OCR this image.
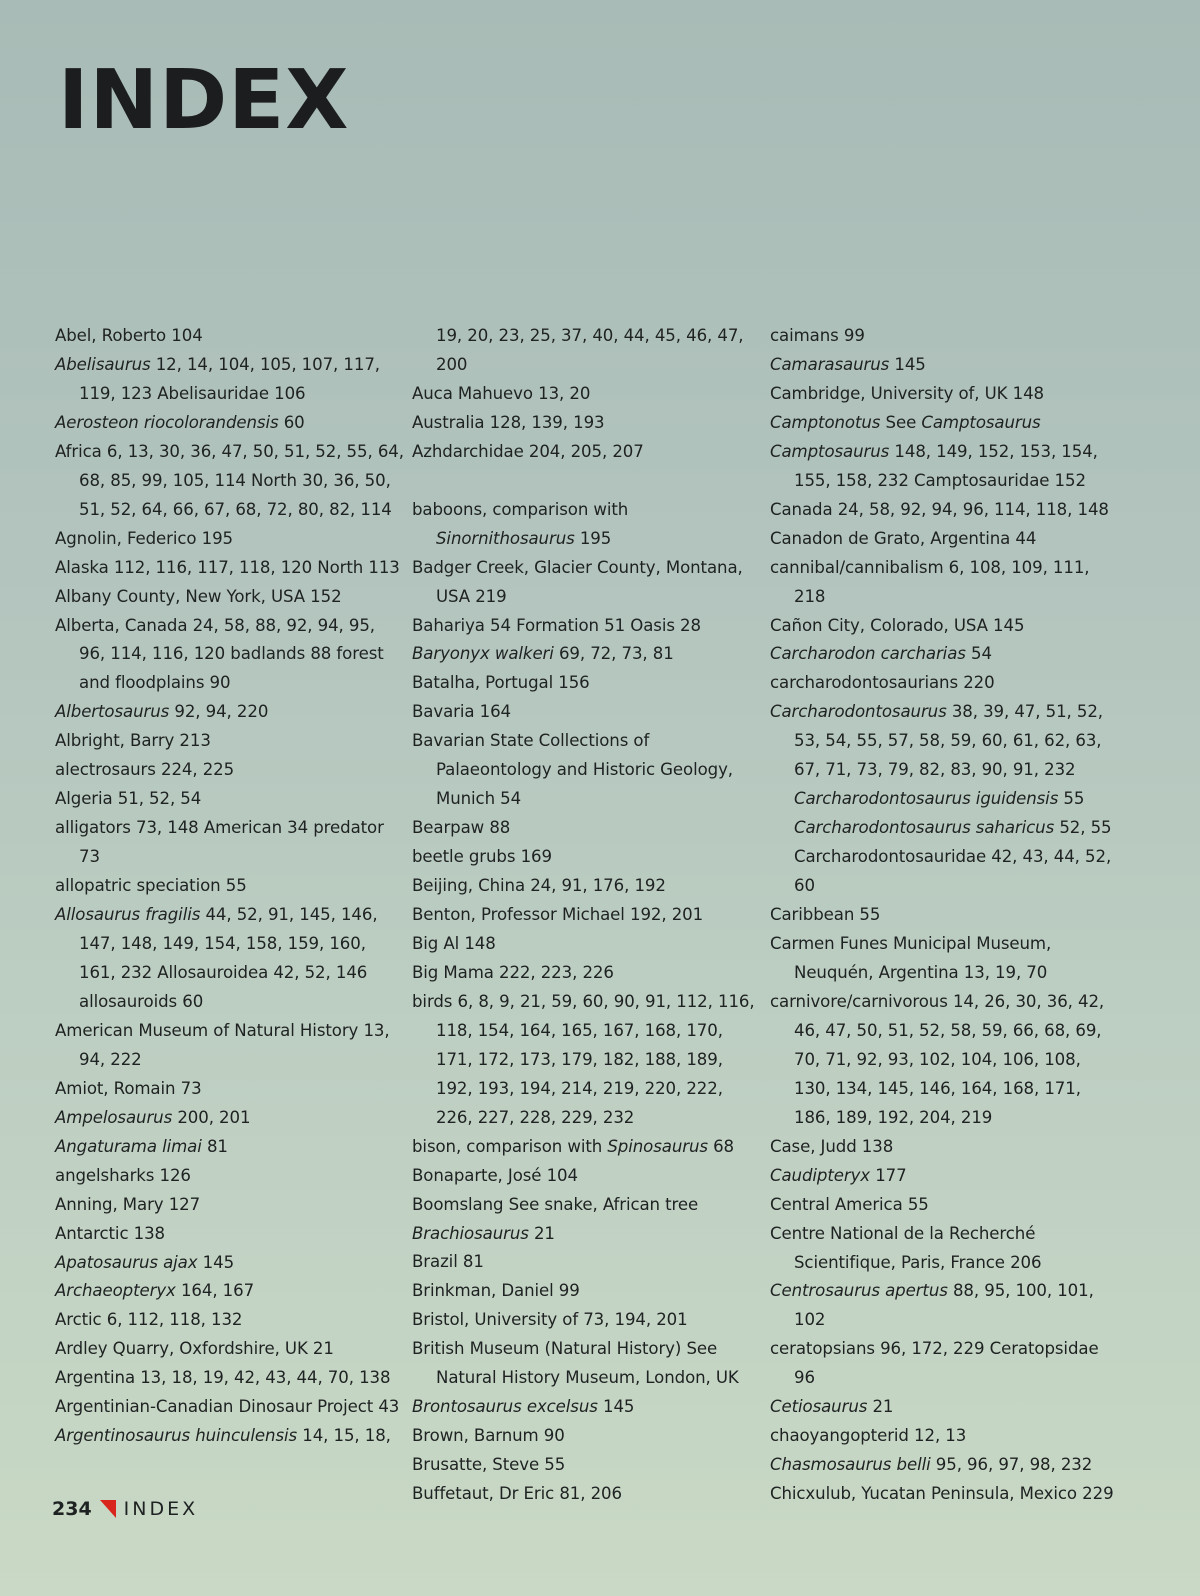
INDEX
Abel, Roberto 104
Abelisaurus 12, 14, 104, 105, 107, 117, 119, 123 Abelisauridae 106
Aerosteon riocolorandensis 60
Africa 6, 13, 30, 36, 47, 50, 51, 52, 55, 64, 68, 85, 99, 105, 114 North 30, 36, 50, 51, 52, 64, 66, 67, 68, 72, 80, 82, 114
Agnolin, Federico 195
Alaska 112, 116, 117, 118, 120 North 113
Albany County, New York, USA 152
Alberta, Canada 24, 58, 88, 92, 94, 95, 96, 114, 116, 120 badlands 88 forest and floodplains 90
Albertosaurus 92, 94, 220
Albright, Barry 213
alectrosaurs 224, 225
Algeria 51, 52, 54
alligators 73, 148 American 34 predator 73
allopatric speciation 55
Allosaurus fragilis 44, 52, 91, 145, 146, 147, 148, 149, 154, 158, 159, 160, 161, 232 Allosauroidea 42, 52, 146 allosauroids 60
American Museum of Natural History 13, 94, 222
Amiot, Romain 73
Ampelosaurus 200, 201
Angaturama limai 81
angelsharks 126
Anning, Mary 127
Antarctic 138
Apatosaurus ajax 145
Archaeopteryx 164, 167
Arctic 6, 112, 118, 132
Ardley Quarry, Oxfordshire, UK 21
Argentina 13, 18, 19, 42, 43, 44, 70, 138
Argentinian-Canadian Dinosaur Project 43
Argentinosaurus huinculensis 14, 15, 18,
19, 20, 23, 25, 37, 40, 44, 45, 46, 47, 200
Auca Mahuevo 13, 20
Australia 128, 139, 193
Azhdarchidae 204, 205, 207
baboons, comparison with Sinornithosaurus 195
Badger Creek, Glacier County, Montana, USA 219
Bahariya 54 Formation 51 Oasis 28
Baryonyx walkeri 69, 72, 73, 81
Batalha, Portugal 156
Bavaria 164
Bavarian State Collections of Palaeontology and Historic Geology, Munich 54
Bearpaw 88
beetle grubs 169
Beijing, China 24, 91, 176, 192
Benton, Professor Michael 192, 201
Big Al 148
Big Mama 222, 223, 226
birds 6, 8, 9, 21, 59, 60, 90, 91, 112, 116, 118, 154, 164, 165, 167, 168, 170, 171, 172, 173, 179, 182, 188, 189, 192, 193, 194, 214, 219, 220, 222, 226, 227, 228, 229, 232
bison, comparison with Spinosaurus 68
Bonaparte, José 104
Boomslang See snake, African tree
Brachiosaurus 21
Brazil 81
Brinkman, Daniel 99
Bristol, University of 73, 194, 201
British Museum (Natural History) See Natural History Museum, London, UK
Brontosaurus excelsus 145
Brown, Barnum 90
Brusatte, Steve 55
Buffetaut, Dr Eric 81, 206
caimans 99
Camarasaurus 145
Cambridge, University of, UK 148
Camptonotus See Camptosaurus
Camptosaurus 148, 149, 152, 153, 154, 155, 158, 232 Camptosauridae 152
Canada 24, 58, 92, 94, 96, 114, 118, 148
Canadon de Grato, Argentina 44
cannibal/cannibalism 6, 108, 109, 111, 218
Cañon City, Colorado, USA 145
Carcharodon carcharias 54
carcharodontosaurians 220
Carcharodontosaurus 38, 39, 47, 51, 52, 53, 54, 55, 57, 58, 59, 60, 61, 62, 63, 67, 71, 73, 79, 82, 83, 90, 91, 232
Carcharodontosaurus iguidensis 55
Carcharodontosaurus saharicus 52, 55 Carcharodontosauridae 42, 43, 44, 52, 60
Caribbean 55
Carmen Funes Municipal Museum, Neuquén, Argentina 13, 19, 70
carnivore/carnivorous 14, 26, 30, 36, 42, 46, 47, 50, 51, 52, 58, 59, 66, 68, 69, 70, 71, 92, 93, 102, 104, 106, 108, 130, 134, 145, 146, 164, 168, 171, 186, 189, 192, 204, 219
Case, Judd 138
Caudipteryx 177
Central America 55
Centre National de la Recherché Scientifique, Paris, France 206
Centrosaurus apertus 88, 95, 100, 101, 102
ceratopsians 96, 172, 229 Ceratopsidae 96
Cetiosaurus 21
chaoyangopterid 12, 13
Chasmosaurus belli 95, 96, 97, 98, 232
Chicxulub, Yucatan Peninsula, Mexico 229
234 INDEX
